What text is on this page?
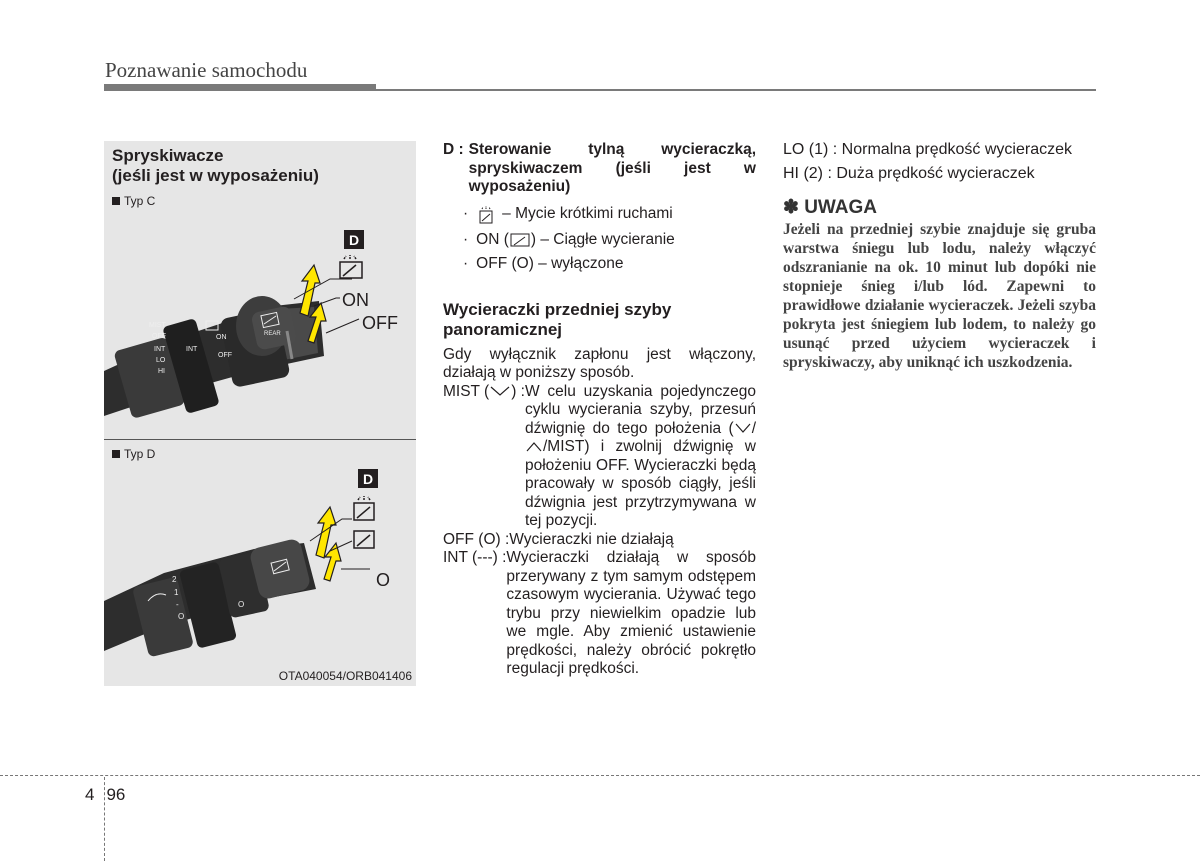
Poznawanie samochodu
Spryskiwacze
(jeśli jest w wyposażeniu)
Typ C
D
MIST
OFF
INT
LO
HI
ON
OFF
INT
REAR
ON
OFF
Typ D
D
2
1
-
O
O
O
OTA040054/ORB041406
D : Sterowanie tylną wycieraczką, spryskiwaczem (jeśli jest w wyposażeniu)
· – Mycie krótkimi ruchami
· ON ( ) – Ciągłe wycieranie
· OFF (O) – wyłączone
Wycieraczki przedniej szyby panoramicznej
Gdy wyłącznik zapłonu jest włączony, działają w poniższy sposób.
MIST ( ) : W celu uzyskania pojedynczego cyklu wycierania szyby, przesuń dźwignię do tego położenia ( //MIST) i zwolnij dźwignię w położeniu OFF. Wycieraczki będą pracowały w sposób ciągły, jeśli dźwignia jest przytrzymywana w tej pozycji.
OFF (O) : Wycieraczki nie działają
INT (---) : Wycieraczki działają w sposób przerywany z tym samym odstępem czasowym wycierania. Używać tego trybu przy niewielkim opadzie lub we mgle. Aby zmienić ustawienie prędkości, należy obrócić pokrętło regulacji prędkości.
LO (1) : Normalna prędkość wycieraczek
HI (2) : Duża prędkość wycieraczek
✽ UWAGA
Jeżeli na przedniej szybie znajduje się gruba warstwa śniegu lub lodu, należy włączyć odszranianie na ok. 10 minut lub dopóki nie stopnieje śnieg i/lub lód. Zapewni to prawidłowe działanie wycieraczek. Jeżeli szyba pokryta jest śniegiem lub lodem, to należy go usunąć przed użyciem wycieraczek i spryskiwaczy, aby uniknąć ich uszkodzenia.
4 96
